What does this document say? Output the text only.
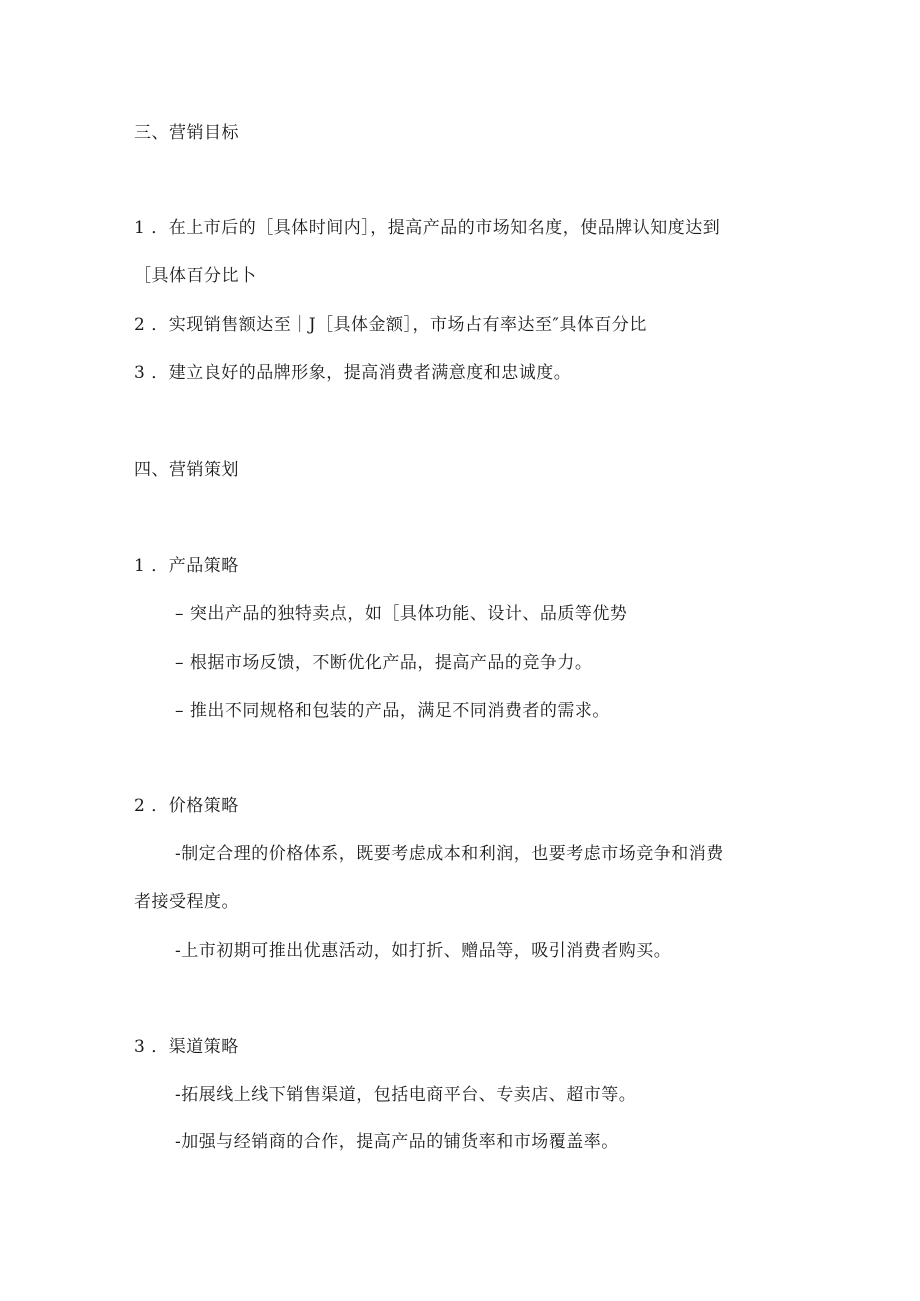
三、营销目标
1 ．在上市后的［具体时间内］，提高产品的市场知名度，使品牌认知度达到
［具体百分比卜
2 ．实现销售额达至｜J［具体金额］，市场占有率达至″具体百分比
3 ．建立良好的品牌形象，提高消费者满意度和忠诚度。
四、营销策划
1 ．产品策略
– 突出产品的独特卖点，如［具体功能、设计、品质等优势
– 根据市场反馈，不断优化产品，提高产品的竞争力。
– 推出不同规格和包装的产品，满足不同消费者的需求。
2 ．价格策略
-制定合理的价格体系，既要考虑成本和利润，也要考虑市场竞争和消费
者接受程度。
-上市初期可推出优惠活动，如打折、赠品等，吸引消费者购买。
3 ．渠道策略
-拓展线上线下销售渠道，包括电商平台、专卖店、超市等。
-加强与经销商的合作，提高产品的铺货率和市场覆盖率。
